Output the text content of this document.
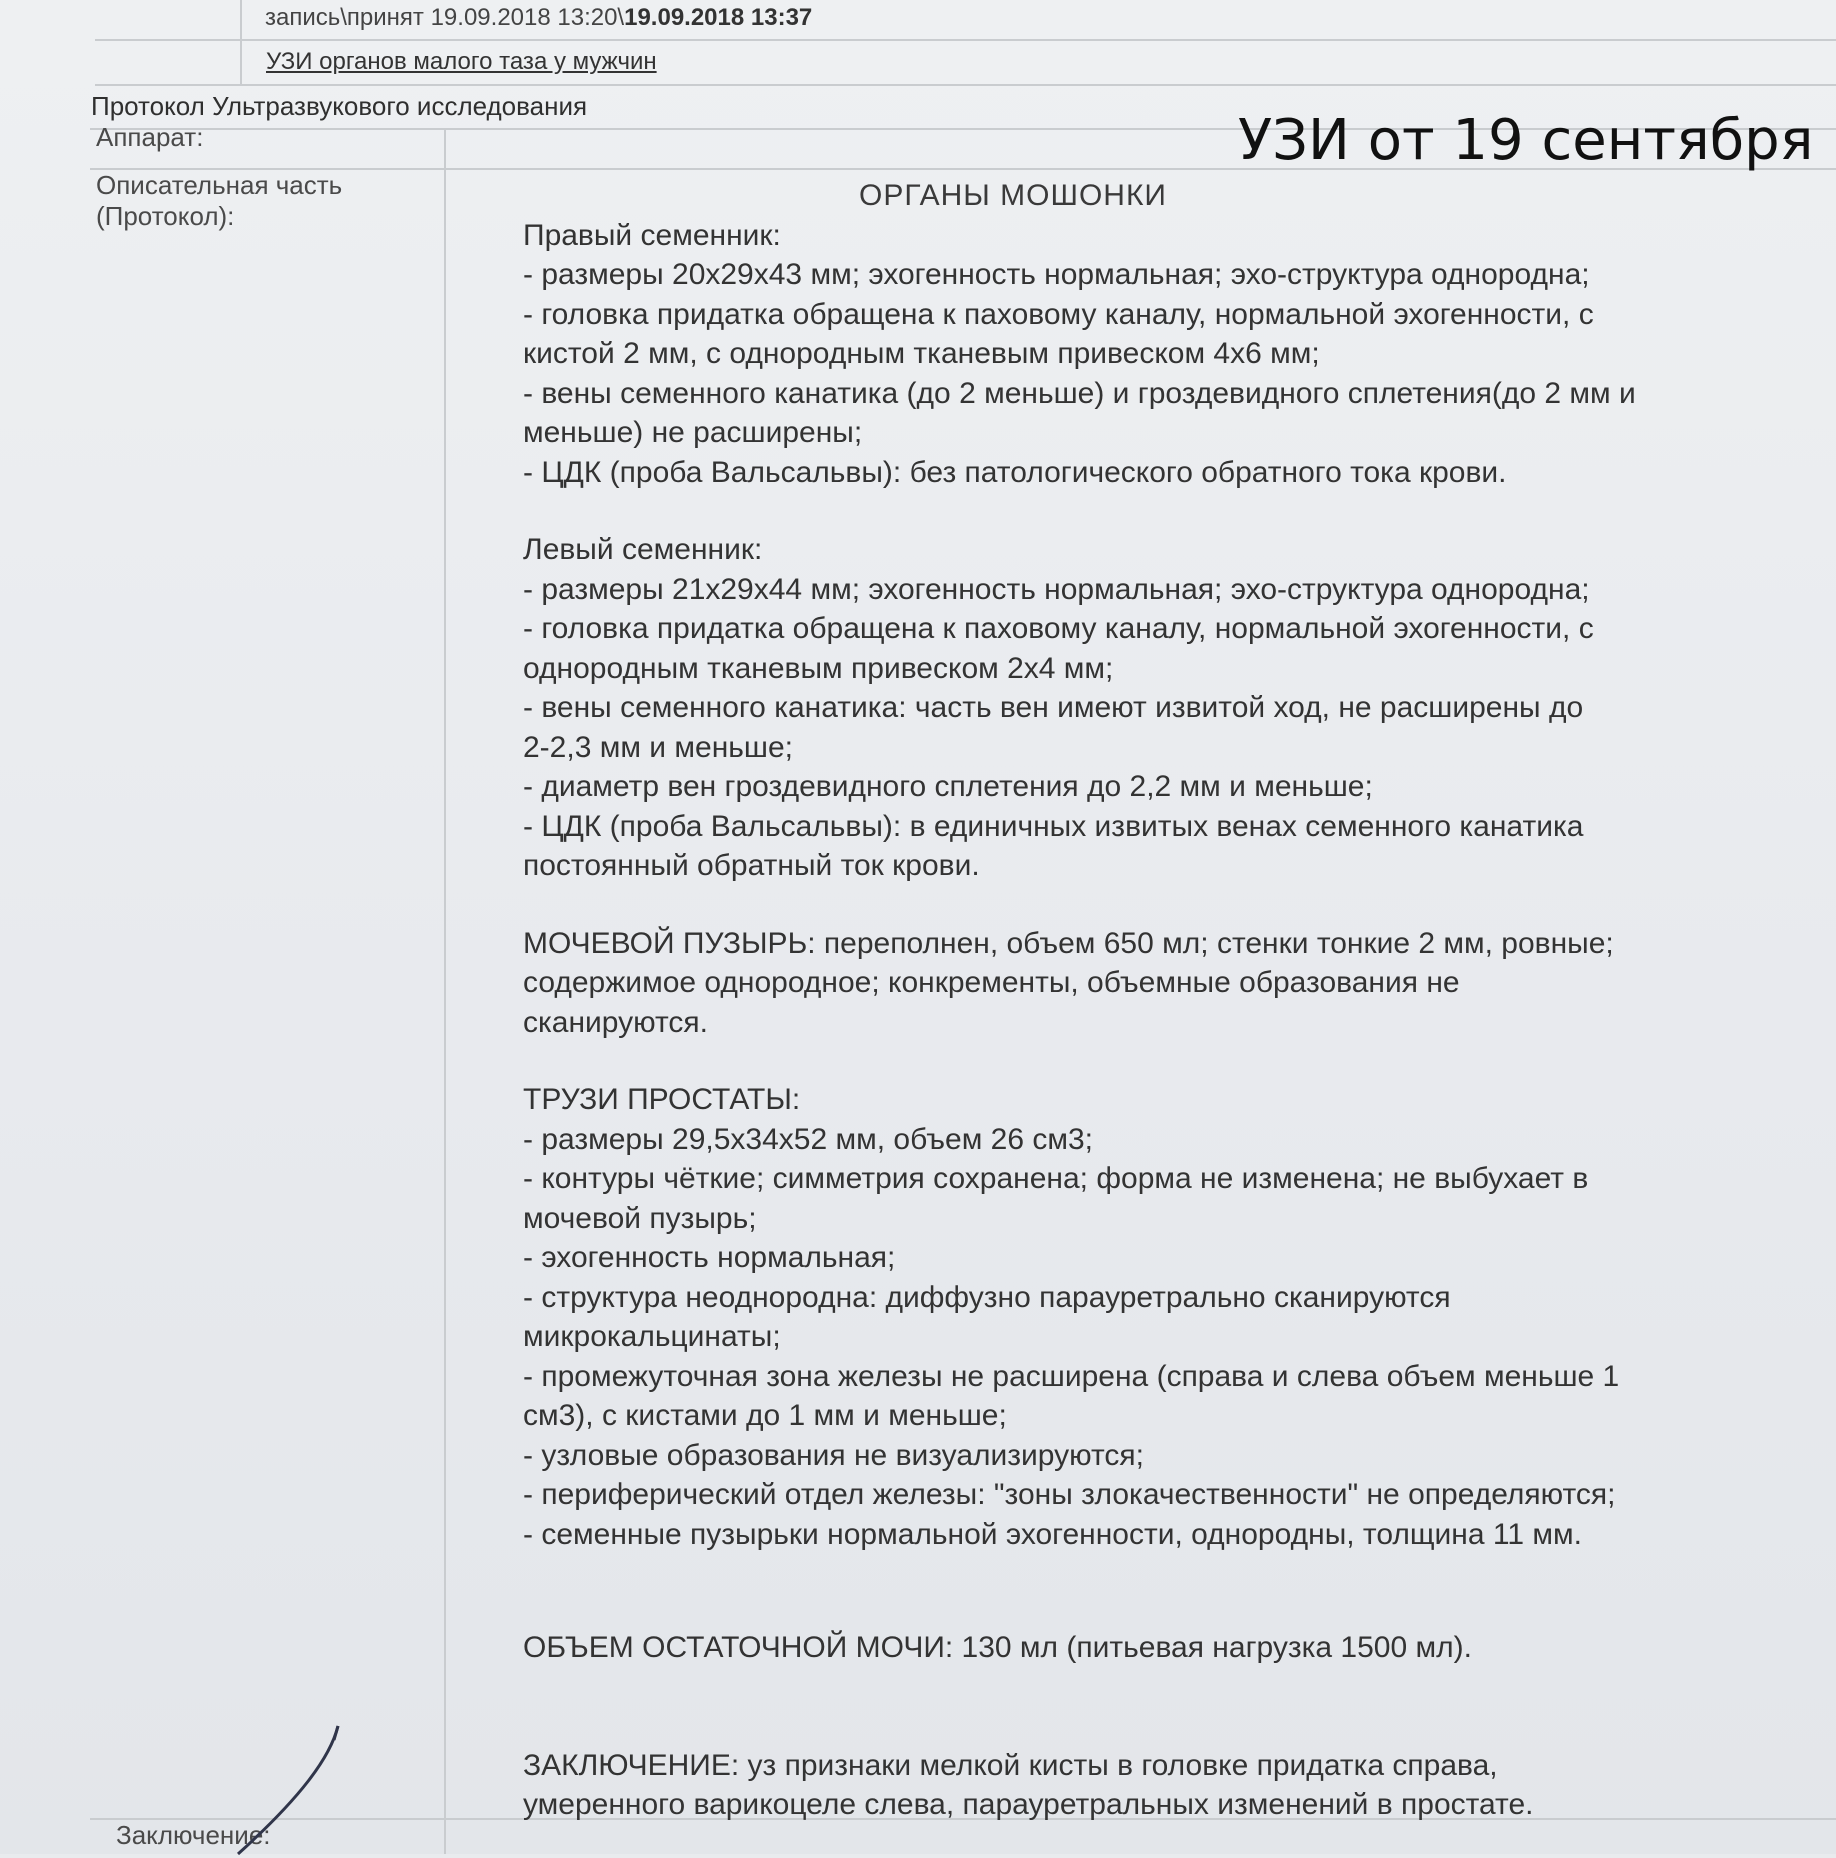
запись\принят 19.09.2018 13:20\19.09.2018 13:37
УЗИ органов малого таза у мужчин
Протокол Ультразвукового исследования
Аппарат:
Описательная часть
(Протокол):
Заключение:
УЗИ от 19 сентября
ОРГАНЫ МОШОНКИ
Правый семенник:
- размеры 20х29х43 мм; эхогенность нормальная; эхо-структура однородна;
- головка придатка обращена к паховому каналу, нормальной эхогенности, с
кистой 2 мм, с однородным тканевым привеском 4х6 мм;
- вены семенного канатика (до 2 меньше) и гроздевидного сплетения(до 2 мм и
меньше) не расширены;
- ЦДК (проба Вальсальвы): без патологического обратного тока крови.
Левый семенник:
- размеры 21х29х44 мм; эхогенность нормальная; эхо-структура однородна;
- головка придатка обращена к паховому каналу, нормальной эхогенности, с
однородным тканевым привеском 2х4 мм;
- вены семенного канатика: часть вен имеют извитой ход, не расширены до
2-2,3 мм и меньше;
- диаметр вен гроздевидного сплетения до 2,2 мм и меньше;
- ЦДК (проба Вальсальвы): в единичных извитых венах семенного канатика
постоянный обратный ток крови.
МОЧЕВОЙ ПУЗЫРЬ: переполнен, объем 650 мл; стенки тонкие 2 мм, ровные;
содержимое однородное; конкременты, объемные образования не
сканируются.
ТРУЗИ ПРОСТАТЫ:
- размеры 29,5х34х52 мм, объем 26 см3;
- контуры чёткие; симметрия сохранена; форма не изменена; не выбухает в
мочевой пузырь;
- эхогенность нормальная;
- структура неоднородна: диффузно парауретрально сканируются
микрокальцинаты;
- промежуточная зона железы не расширена (справа и слева объем меньше 1
см3), с кистами до 1 мм и меньше;
- узловые образования не визуализируются;
- периферический отдел железы: "зоны злокачественности" не определяются;
- семенные пузырьки нормальной эхогенности, однородны, толщина 11 мм.
ОБЪЕМ ОСТАТОЧНОЙ МОЧИ: 130 мл (питьевая нагрузка 1500 мл).
ЗАКЛЮЧЕНИЕ: уз признаки мелкой кисты в головке придатка справа,
умеренного варикоцеле слева, парауретральных изменений в простате.
